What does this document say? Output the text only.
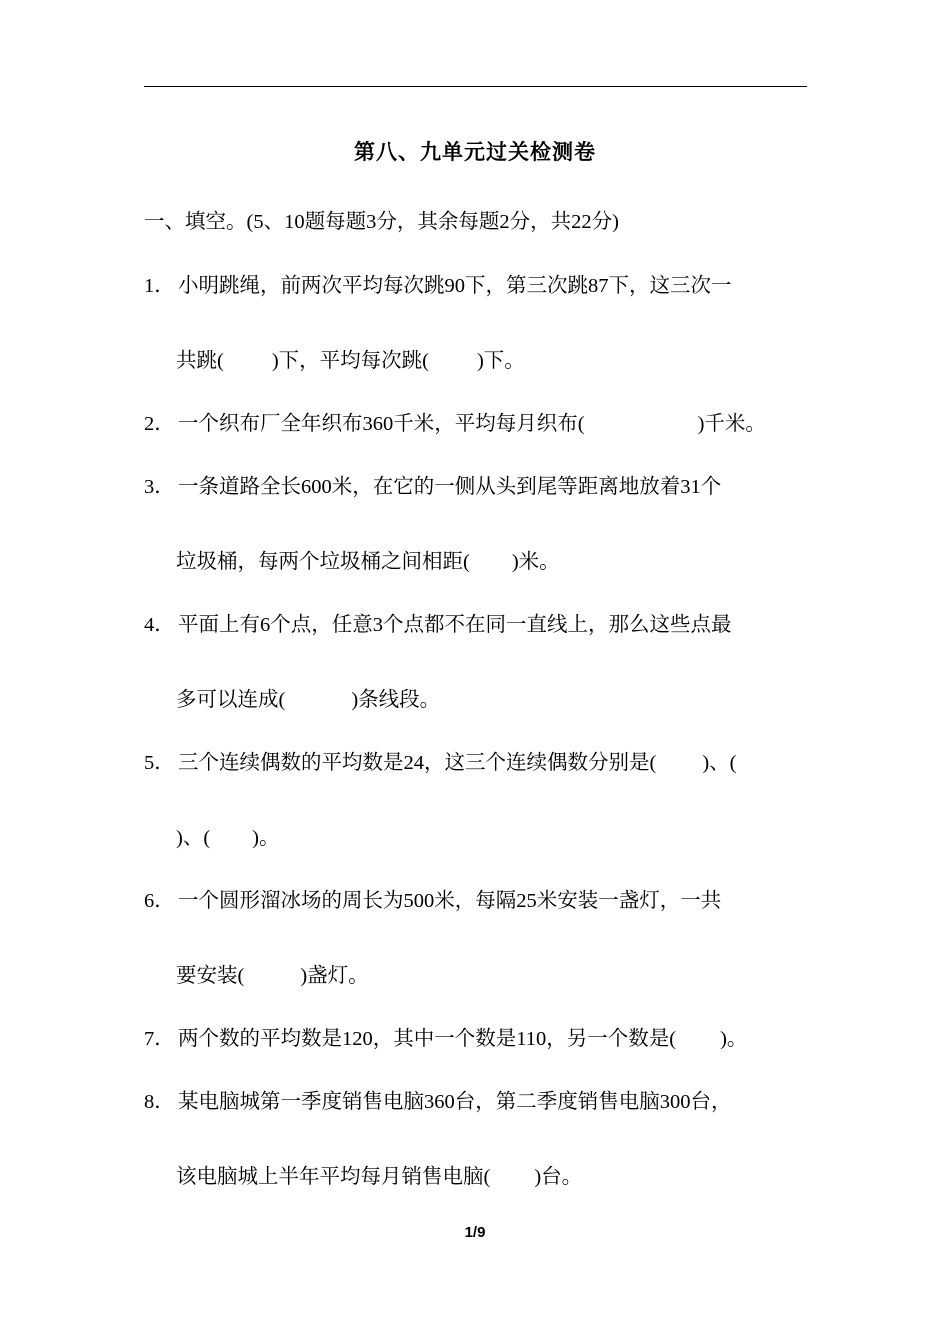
第八、九单元过关检测卷
一、填空。(5、10题每题3分，其余每题2分，共22分)
1． 小明跳绳，前两次平均每次跳90下，第三次跳87下，这三次一
共跳( )下，平均每次跳( )下。
2． 一个织布厂全年织布360千米，平均每月织布(	)千米。
3． 一条道路全长600米，在它的一侧从头到尾等距离地放着31个
垃圾桶，每两个垃圾桶之间相距( )米。
4． 平面上有6个点，任意3个点都不在同一直线上，那么这些点最
多可以连成(	)条线段。
5． 三个连续偶数的平均数是24，这三个连续偶数分别是( )、(
)、( )。
6． 一个圆形溜冰场的周长为500米，每隔25米安装一盏灯，一共
要安装(	)盏灯。
7． 两个数的平均数是120，其中一个数是110，另一个数是( )。
8． 某电脑城第一季度销售电脑360台，第二季度销售电脑300台，
该电脑城上半年平均每月销售电脑( )台。
1/9
